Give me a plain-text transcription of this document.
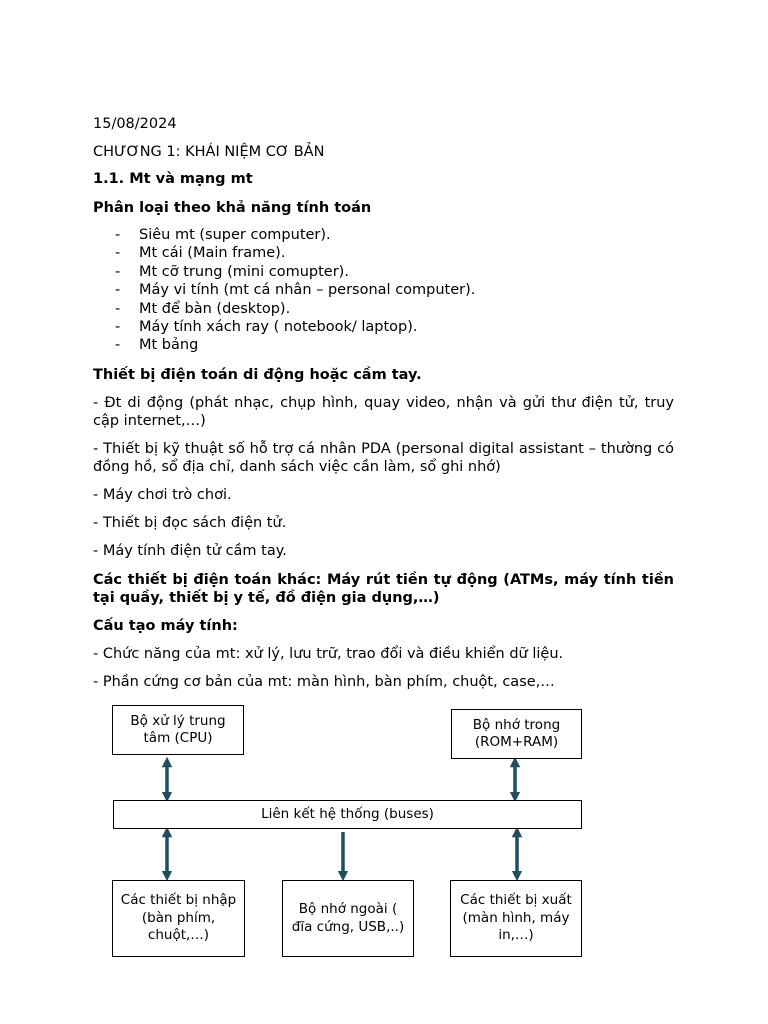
15/08/2024
CHƯƠNG 1: KHÁI NIỆM CƠ BẢN
1.1. Mt và mạng mt
Phân loại theo khả năng tính toán
- Siêu mt (super computer).
- Mt cái (Main frame).
- Mt cỡ trung (mini comupter).
- Máy vi tính (mt cá nhân – personal computer).
- Mt để bàn (desktop).
- Máy tính xách ray ( notebook/ laptop).
- Mt bảng
Thiết bị điện toán di động hoặc cầm tay.
- Đt di động (phát nhạc, chụp hình, quay video, nhận và gửi thư điện tử, truy cập internet,…)
- Thiết bị kỹ thuật số hỗ trợ cá nhân PDA (personal digital assistant – thường có đồng hồ, sổ địa chỉ, danh sách việc cần làm, sổ ghi nhớ)
- Máy chơi trò chơi.
- Thiết bị đọc sách điện tử.
- Máy tính điện tử cầm tay.
Các thiết bị điện toán khác: Máy rút tiền tự động (ATMs, máy tính tiền tại quầy, thiết bị y tế, đồ điện gia dụng,…)
Cấu tạo máy tính:
- Chức năng của mt: xử lý, lưu trữ, trao đổi và điều khiển dữ liệu.
- Phần cứng cơ bản của mt: màn hình, bàn phím, chuột, case,…
Bộ xử lý trung tâm (CPU)
Bộ nhớ trong (ROM+RAM)
Liên kết hệ thống (buses)
Các thiết bị nhập (bàn phím, chuột,…)
Bộ nhớ ngoài ( đĩa cứng, USB,..)
Các thiết bị xuất (màn hình, máy in,…)
